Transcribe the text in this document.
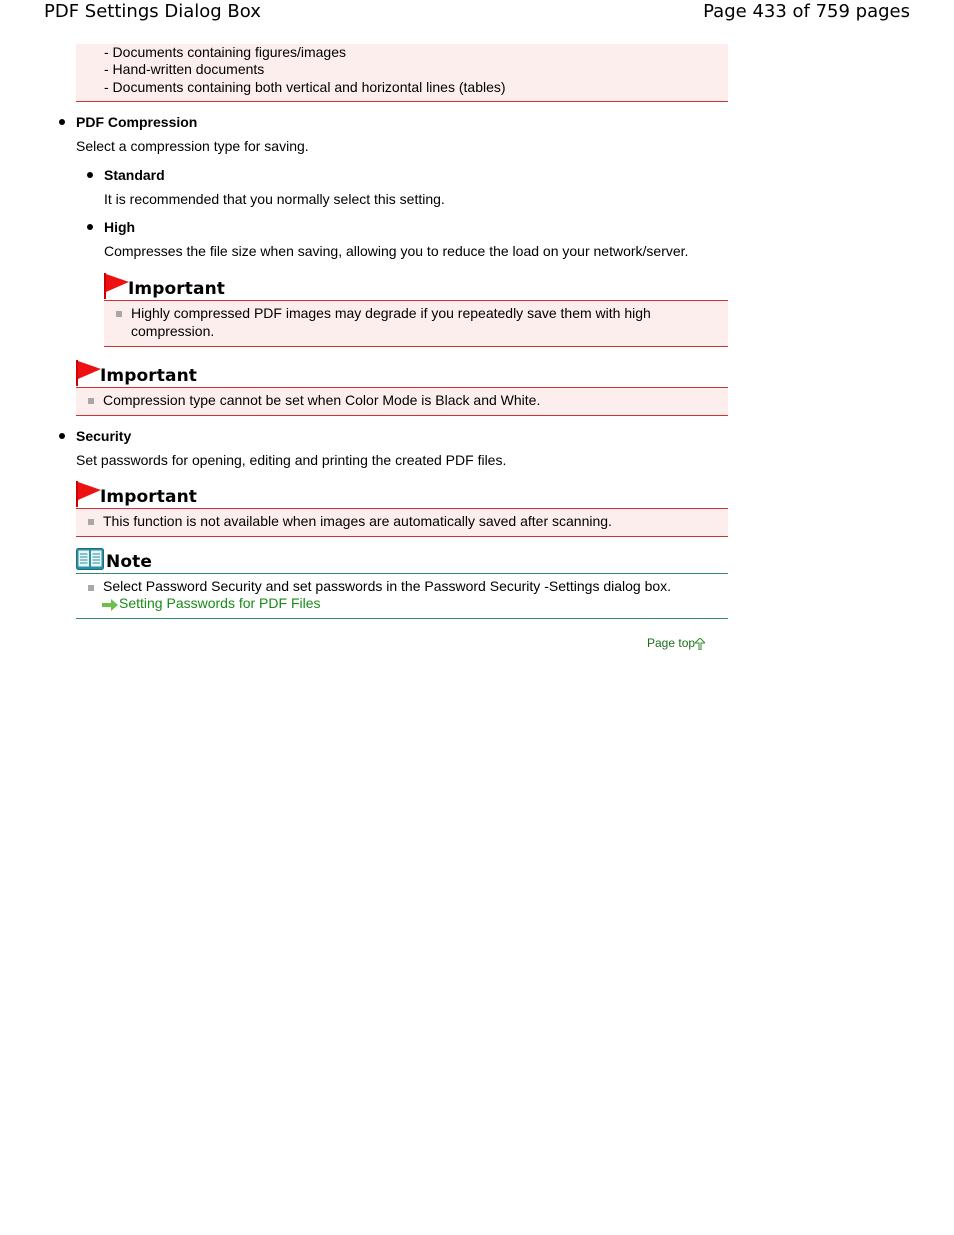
PDF Settings Dialog Box	Page 433 of 759 pages
- Documents containing figures/images
- Hand-written documents
- Documents containing both vertical and horizontal lines (tables)
PDF Compression
Select a compression type for saving.
Standard
It is recommended that you normally select this setting.
High
Compresses the file size when saving, allowing you to reduce the load on your network/server.
Important
Highly compressed PDF images may degrade if you repeatedly save them with high
compression.
Important
Compression type cannot be set when Color Mode is Black and White.
Security
Set passwords for opening, editing and printing the created PDF files.
Important
This function is not available when images are automatically saved after scanning.
Note
Select Password Security and set passwords in the Password Security -Settings dialog box.
Setting Passwords for PDF Files
Page top
